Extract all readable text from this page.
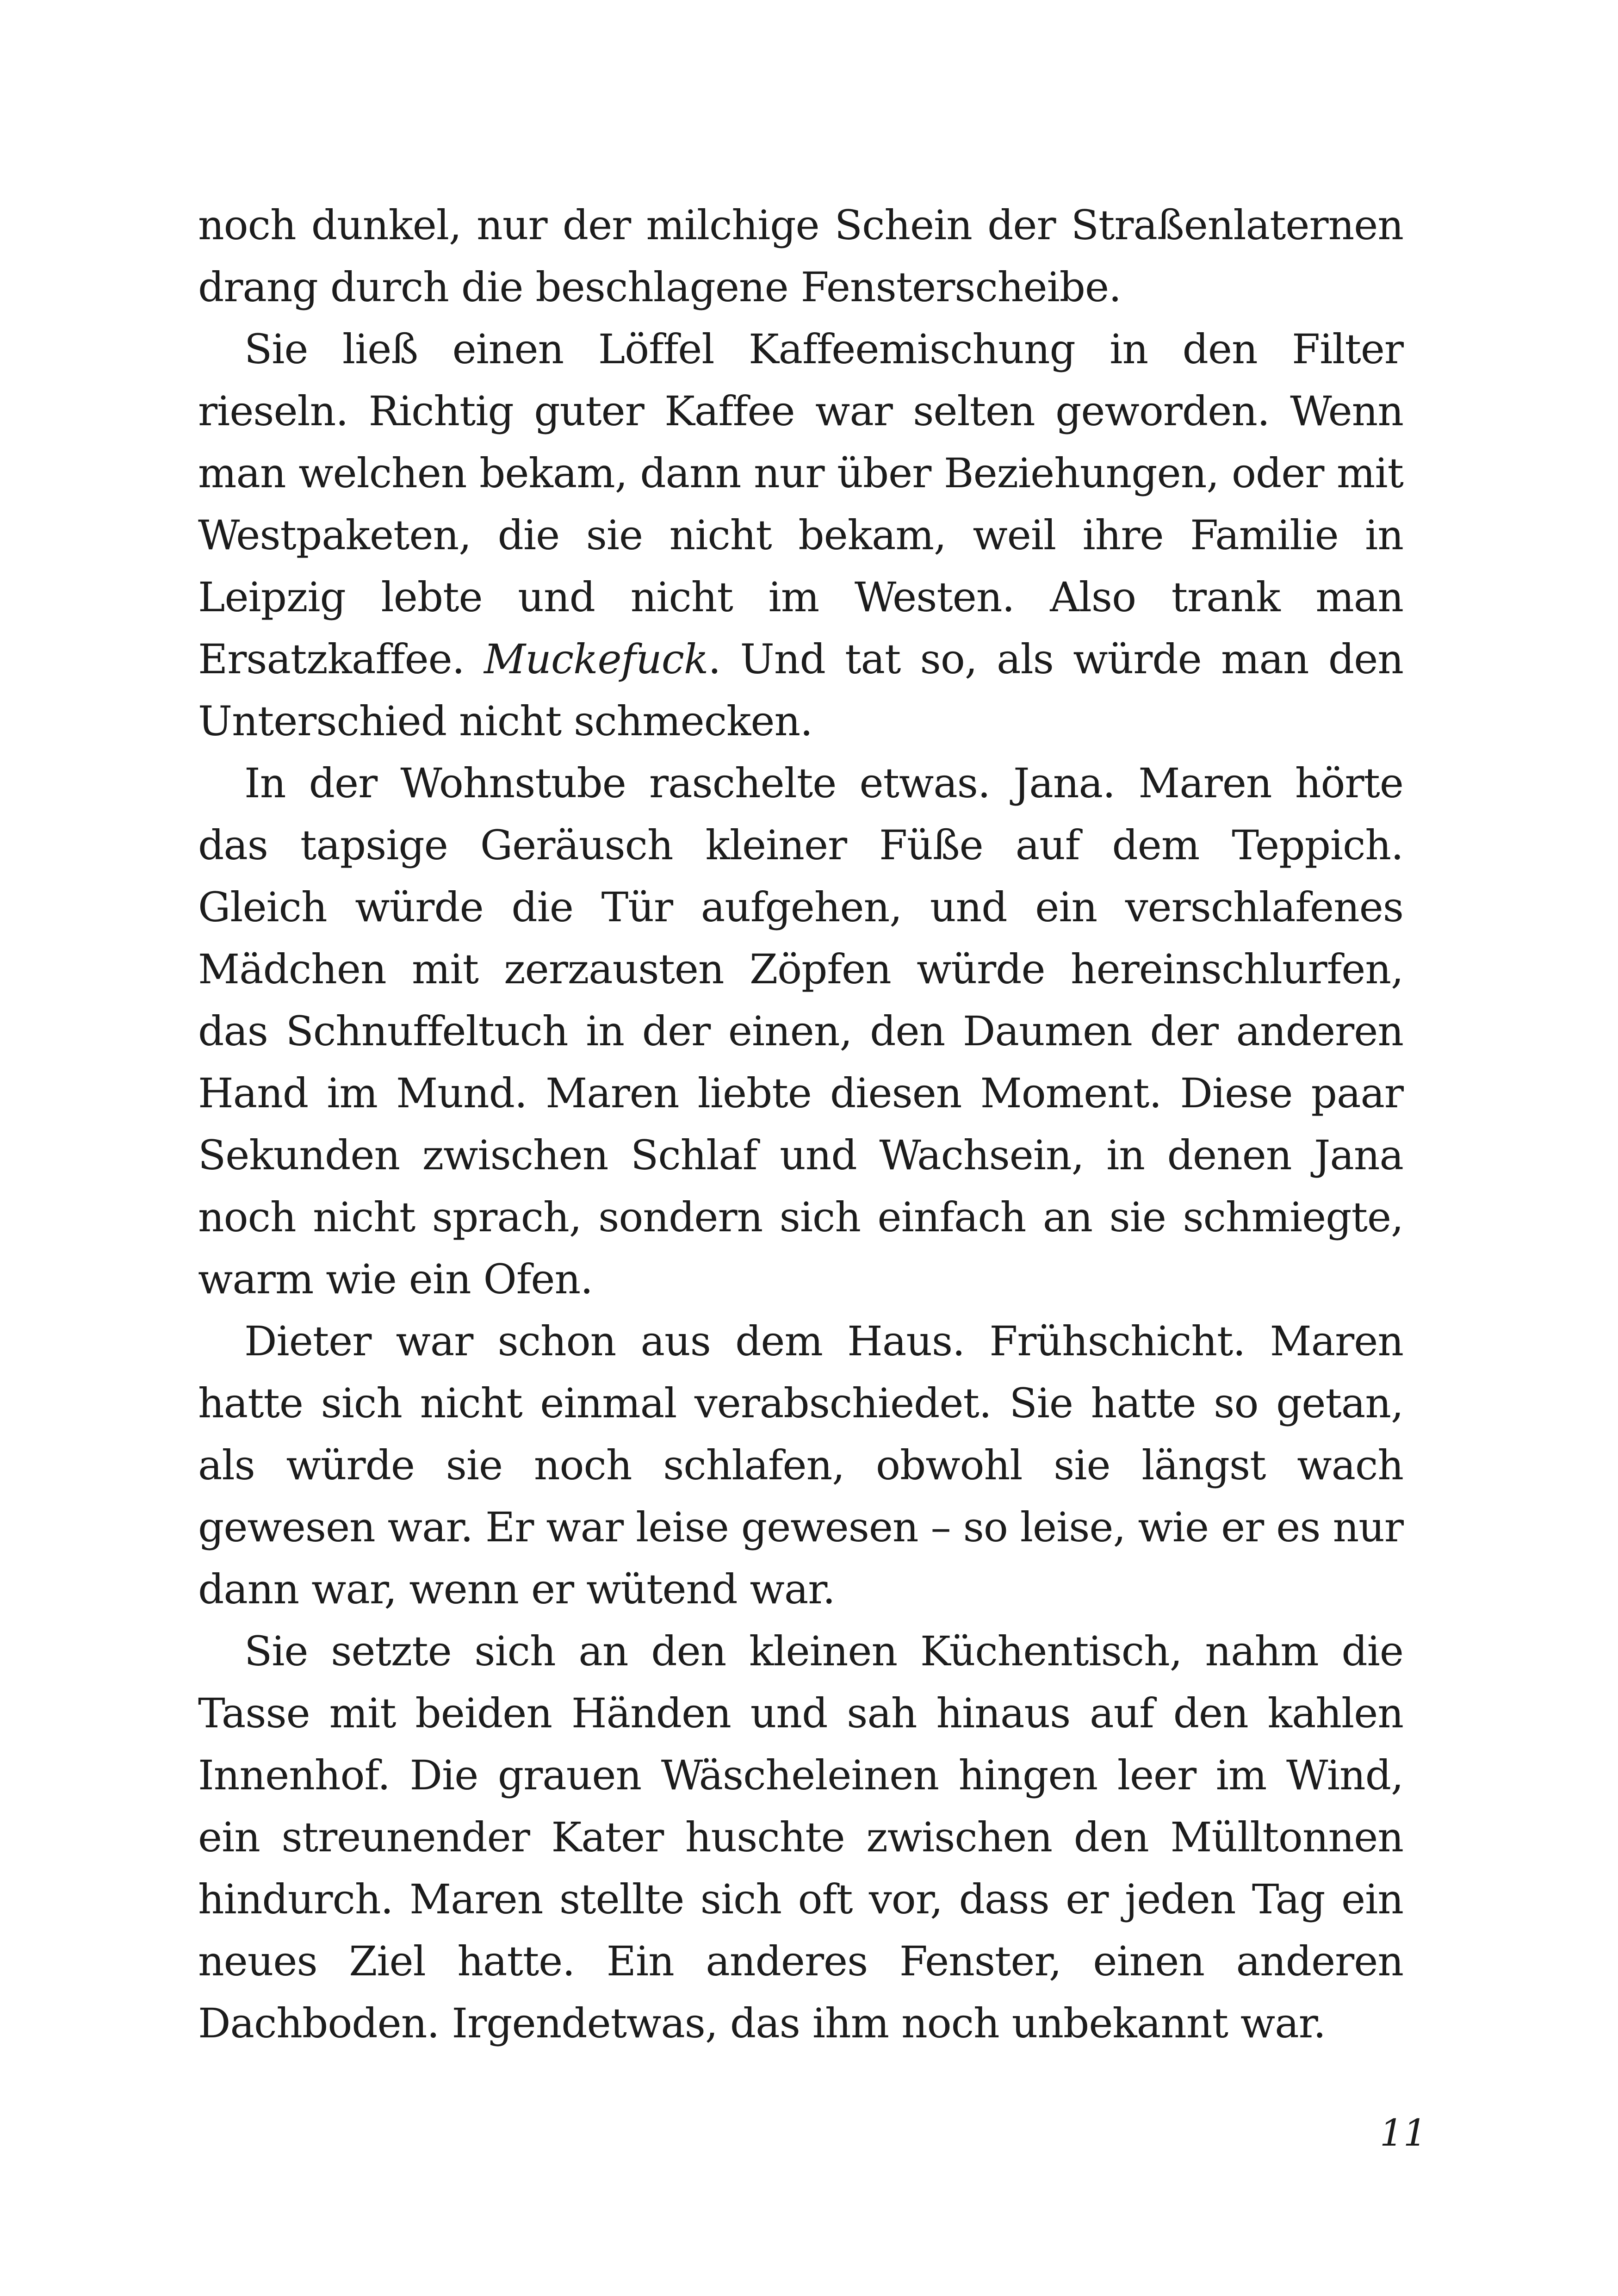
noch dunkel, nur der milchige Schein der Straßenlaternen drang durch die beschlagene Fensterscheibe.

Sie ließ einen Löffel Kaffeemischung in den Filter rieseln. Richtig guter Kaffee war selten geworden. Wenn man welchen bekam, dann nur über Beziehungen, oder mit Westpaketen, die sie nicht bekam, weil ihre Familie in Leipzig lebte und nicht im Westen. Also trank man Ersatzkaffee. Muckefuck. Und tat so, als würde man den Unterschied nicht schmecken.

In der Wohnstube raschelte etwas. Jana. Maren hörte das tapsige Geräusch kleiner Füße auf dem Teppich. Gleich würde die Tür aufgehen, und ein verschlafenes Mädchen mit zerzausten Zöpfen würde hereinschlurfen, das Schnuffeltuch in der einen, den Daumen der anderen Hand im Mund. Maren liebte diesen Moment. Diese paar Sekunden zwischen Schlaf und Wachsein, in denen Jana noch nicht sprach, sondern sich einfach an sie schmiegte, warm wie ein Ofen.

Dieter war schon aus dem Haus. Frühschicht. Maren hatte sich nicht einmal verabschiedet. Sie hatte so getan, als würde sie noch schlafen, obwohl sie längst wach gewesen war. Er war leise gewesen – so leise, wie er es nur dann war, wenn er wütend war.

Sie setzte sich an den kleinen Küchentisch, nahm die Tasse mit beiden Händen und sah hinaus auf den kahlen Innenhof. Die grauen Wäscheleinen hingen leer im Wind, ein streunender Kater huschte zwischen den Mülltonnen hindurch. Maren stellte sich oft vor, dass er jeden Tag ein neues Ziel hatte. Ein anderes Fenster, einen anderen Dachboden. Irgendetwas, das ihm noch unbekannt war.

11
